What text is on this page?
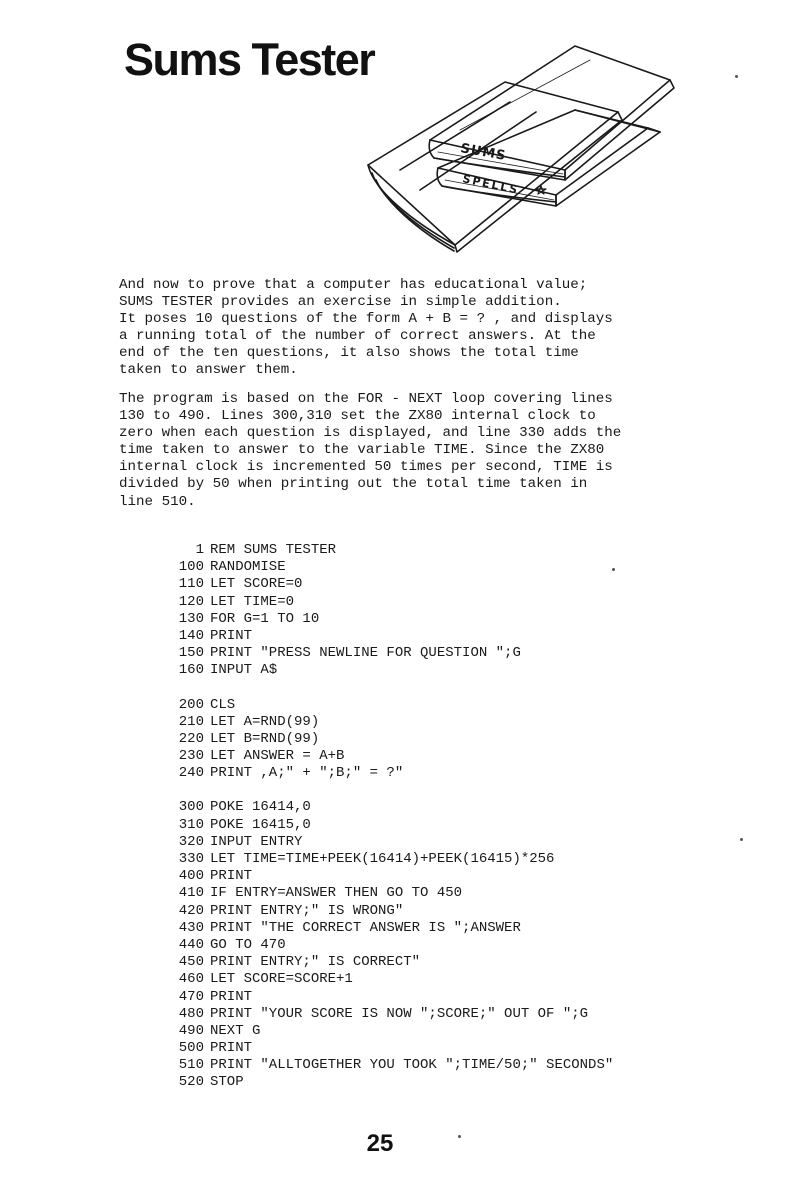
Sums Tester
SUMS
SPELLS

And now to prove that a computer has educational value;
SUMS TESTER provides an exercise in simple addition.
It poses 10 questions of the form A + B = ? , and displays
a running total of the number of correct answers. At the
end of the ten questions, it also shows the total time
taken to answer them.

The program is based on the FOR - NEXT loop covering lines
130 to 490. Lines 300,310 set the ZX80 internal clock to
zero when each question is displayed, and line 330 adds the
time taken to answer to the variable TIME. Since the ZX80
internal clock is incremented 50 times per second, TIME is
divided by 50 when printing out the total time taken in
line 510.

1 REM SUMS TESTER
100 RANDOMISE
110 LET SCORE=0
120 LET TIME=0
130 FOR G=1 TO 10
140 PRINT
150 PRINT "PRESS NEWLINE FOR QUESTION ";G
160 INPUT A$
200 CLS
210 LET A=RND(99)
220 LET B=RND(99)
230 LET ANSWER = A+B
240 PRINT ,A;" + ";B;" = ?"
300 POKE 16414,0
310 POKE 16415,0
320 INPUT ENTRY
330 LET TIME=TIME+PEEK(16414)+PEEK(16415)*256
400 PRINT
410 IF ENTRY=ANSWER THEN GO TO 450
420 PRINT ENTRY;" IS WRONG"
430 PRINT "THE CORRECT ANSWER IS ";ANSWER
440 GO TO 470
450 PRINT ENTRY;" IS CORRECT"
460 LET SCORE=SCORE+1
470 PRINT
480 PRINT "YOUR SCORE IS NOW ";SCORE;" OUT OF ";G
490 NEXT G
500 PRINT
510 PRINT "ALLTOGETHER YOU TOOK ";TIME/50;" SECONDS"
520 STOP
25
